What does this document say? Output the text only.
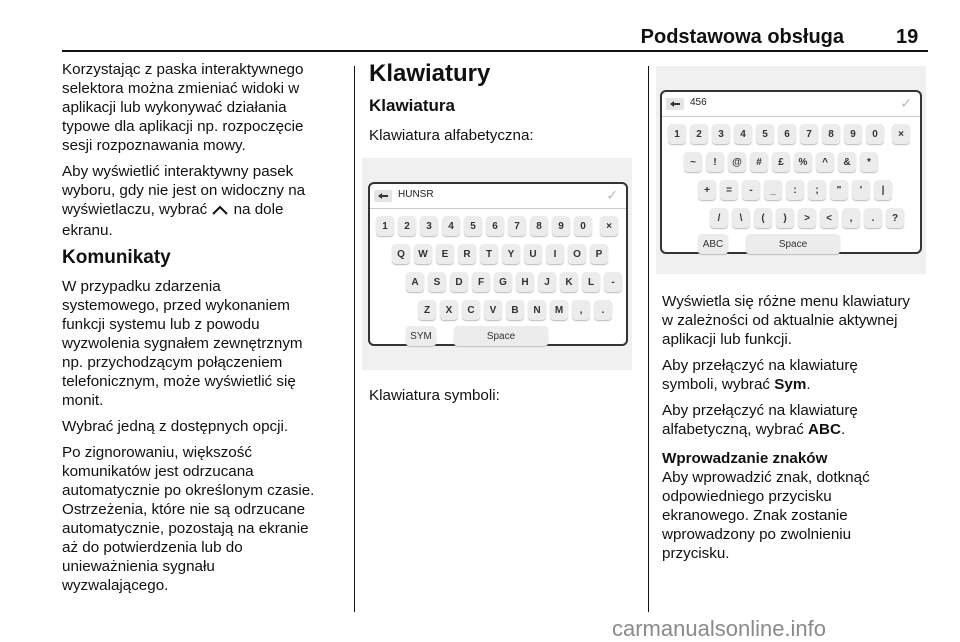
Podstawowa obsługa	19

Korzystając z paska interaktywnego
selektora można zmieniać widoki w
aplikacji lub wykonywać działania
typowe dla aplikacji np. rozpoczęcie
sesji rozpoznawania mowy.

Aby wyświetlić interaktywny pasek
wyboru, gdy nie jest on widoczny na
wyświetlaczu, wybrać  na dole
ekranu.

Komunikaty

W przypadku zdarzenia
systemowego, przed wykonaniem
funkcji systemu lub z powodu
wyzwolenia sygnałem zewnętrznym
np. przychodzącym połączeniem
telefonicznym, może wyświetlić się
monit.

Wybrać jedną z dostępnych opcji.

Po zignorowaniu, większość
komunikatów jest odrzucana
automatycznie po określonym czasie.
Ostrzeżenia, które nie są odrzucane
automatycznie, pozostają na ekranie
aż do potwierdzenia lub do
unieważnienia sygnału
wyzwalającego.

Klawiatury
Klawiatura

Klawiatura alfabetyczna:

Klawiatura symboli:

HUNSR	✓
1	2	3	4	5	6	7	8	9	0
Q	W	E	R	T	Y	U	I	O	P
A	S	D	F	G	H	J	K	L	-
Z	X	C	V	B	N	M	,	.
×
SYM	Space
456	✓
1	2	3	4	5	6	7	8	9	0
~	!	@	#	£	%	^	&	*
+	=	-	_	:	;	"	'	|
/	\	(	)	>	<	,	.	?
×
ABC	Space

Wyświetla się różne menu klawiatury
w zależności od aktualnie aktywnej
aplikacji lub funkcji.

Aby przełączyć na klawiaturę
symboli, wybrać Sym.

Aby przełączyć na klawiaturę
alfabetyczną, wybrać ABC.

Wprowadzanie znaków

Aby wprowadzić znak, dotknąć
odpowiedniego przycisku
ekranowego. Znak zostanie
wprowadzony po zwolnieniu
przycisku.

carmanualsonline.info
